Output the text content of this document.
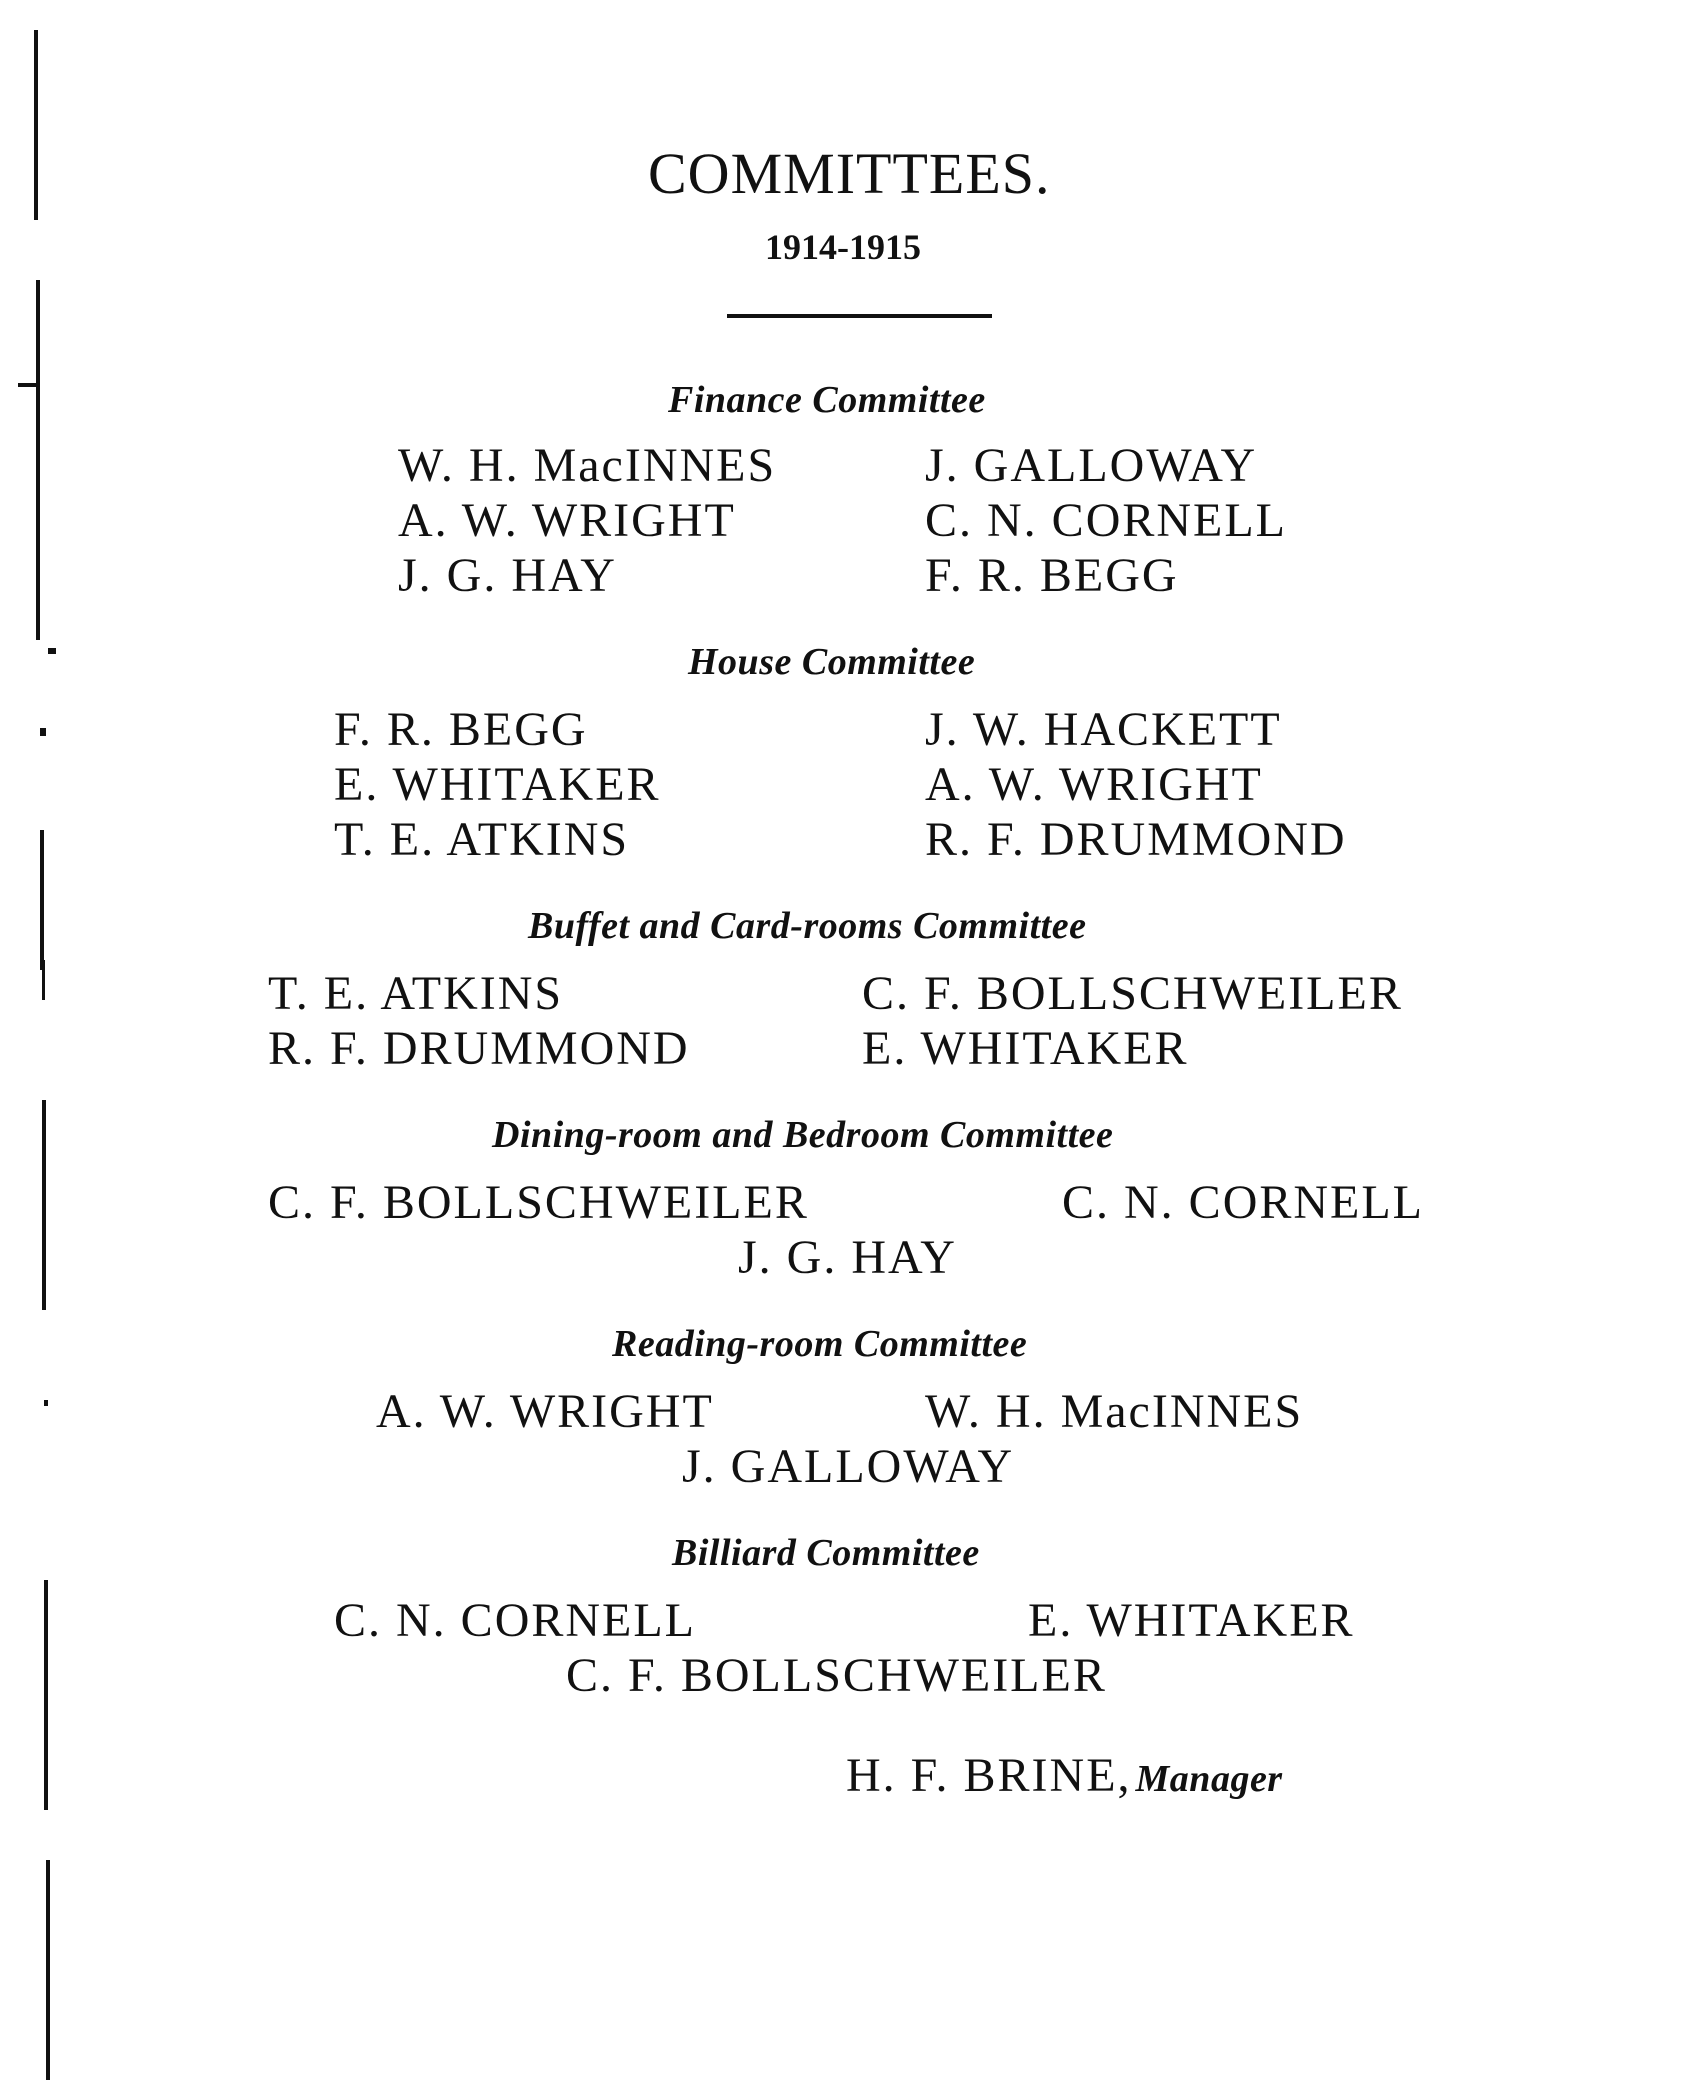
COMMITTEES.
1914-1915
Finance Committee
W. H. MacINNES	J. GALLOWAY
A. W. WRIGHT	C. N. CORNELL
J. G. HAY	F. R. BEGG
House Committee
F. R. BEGG	J. W. HACKETT
E. WHITAKER	A. W. WRIGHT
T. E. ATKINS	R. F. DRUMMOND
Buffet and Card-rooms Committee
T. E. ATKINS	C. F. BOLLSCHWEILER
R. F. DRUMMOND	E. WHITAKER
Dining-room and Bedroom Committee
C. F. BOLLSCHWEILER	C. N. CORNELL
J. G. HAY
Reading-room Committee
A. W. WRIGHT	W. H. MacINNES
J. GALLOWAY
Billiard Committee
C. N. CORNELL	E. WHITAKER
C. F. BOLLSCHWEILER
H. F. BRINE, Manager
